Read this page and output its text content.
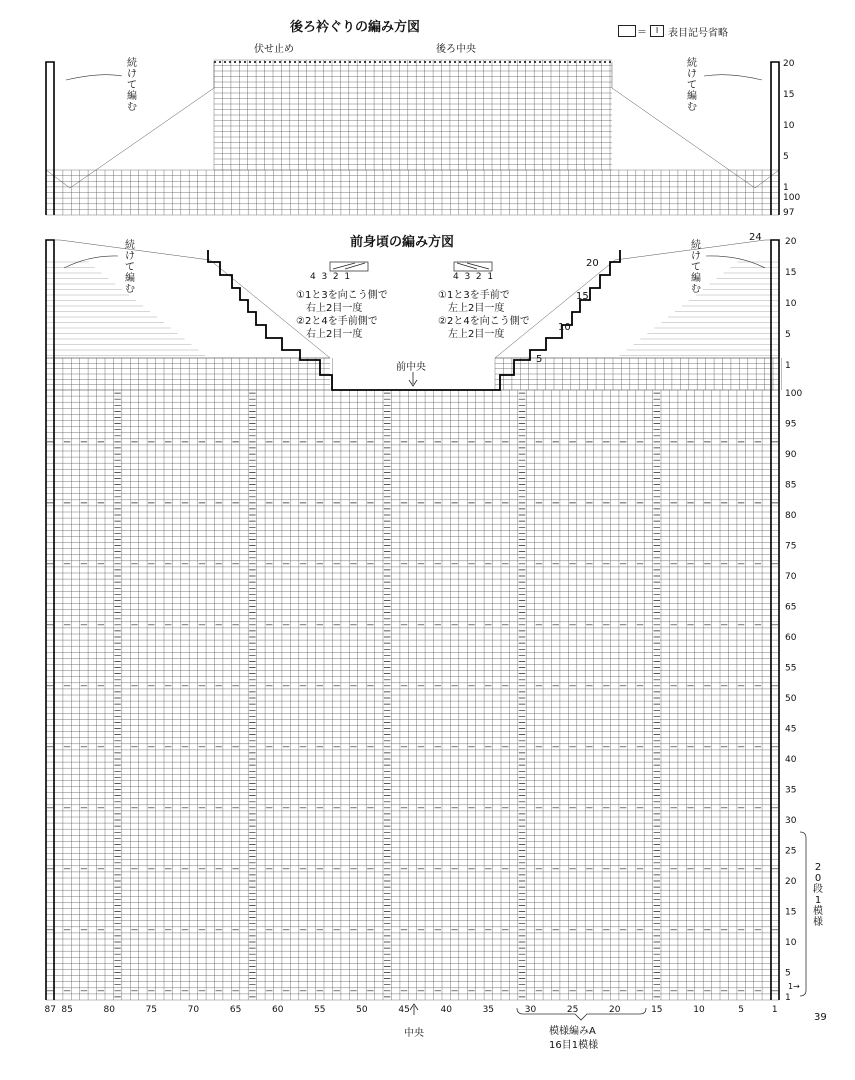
100
95
90
85
80
75
70
65
60
55
50
45
40
35
30
25
20
15
10
5
1
20
15
10
5
1
20
15
10
5
1
100
97
87 85	80	75	70	65	60	55	50	45	40	35	30	25	20	15	10	5	1
後ろ衿ぐりの編み方図
伏せ止め	後ろ中央
続けて編む
続けて編む
＝	I 表目記号省略
前身頃の編み方図
続けて編む
続けて編む
前中央
24
20
15
10
5
4  3  2  1
①1と3を向こう側で
　右上2目一度
②2と4を手前側で
　右上2目一度
4  3  2  1
①1と3を手前で
　左上2目一度
②2と4を向こう側で
　左上2目一度
中央	模様編みA
16目1模様
20段1模様
39
1→
